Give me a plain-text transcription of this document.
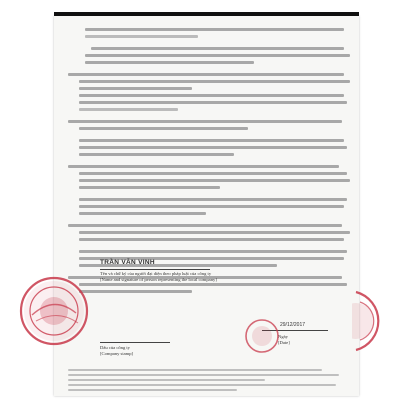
TRẦN VĂN VINH
Tên và chữ ký của người đại diện theo pháp luật của công ty
[Name and signature of person representing the local company]
29/12/2017
Ngày
[Date]
Dấu của công ty
[Company stamp]
